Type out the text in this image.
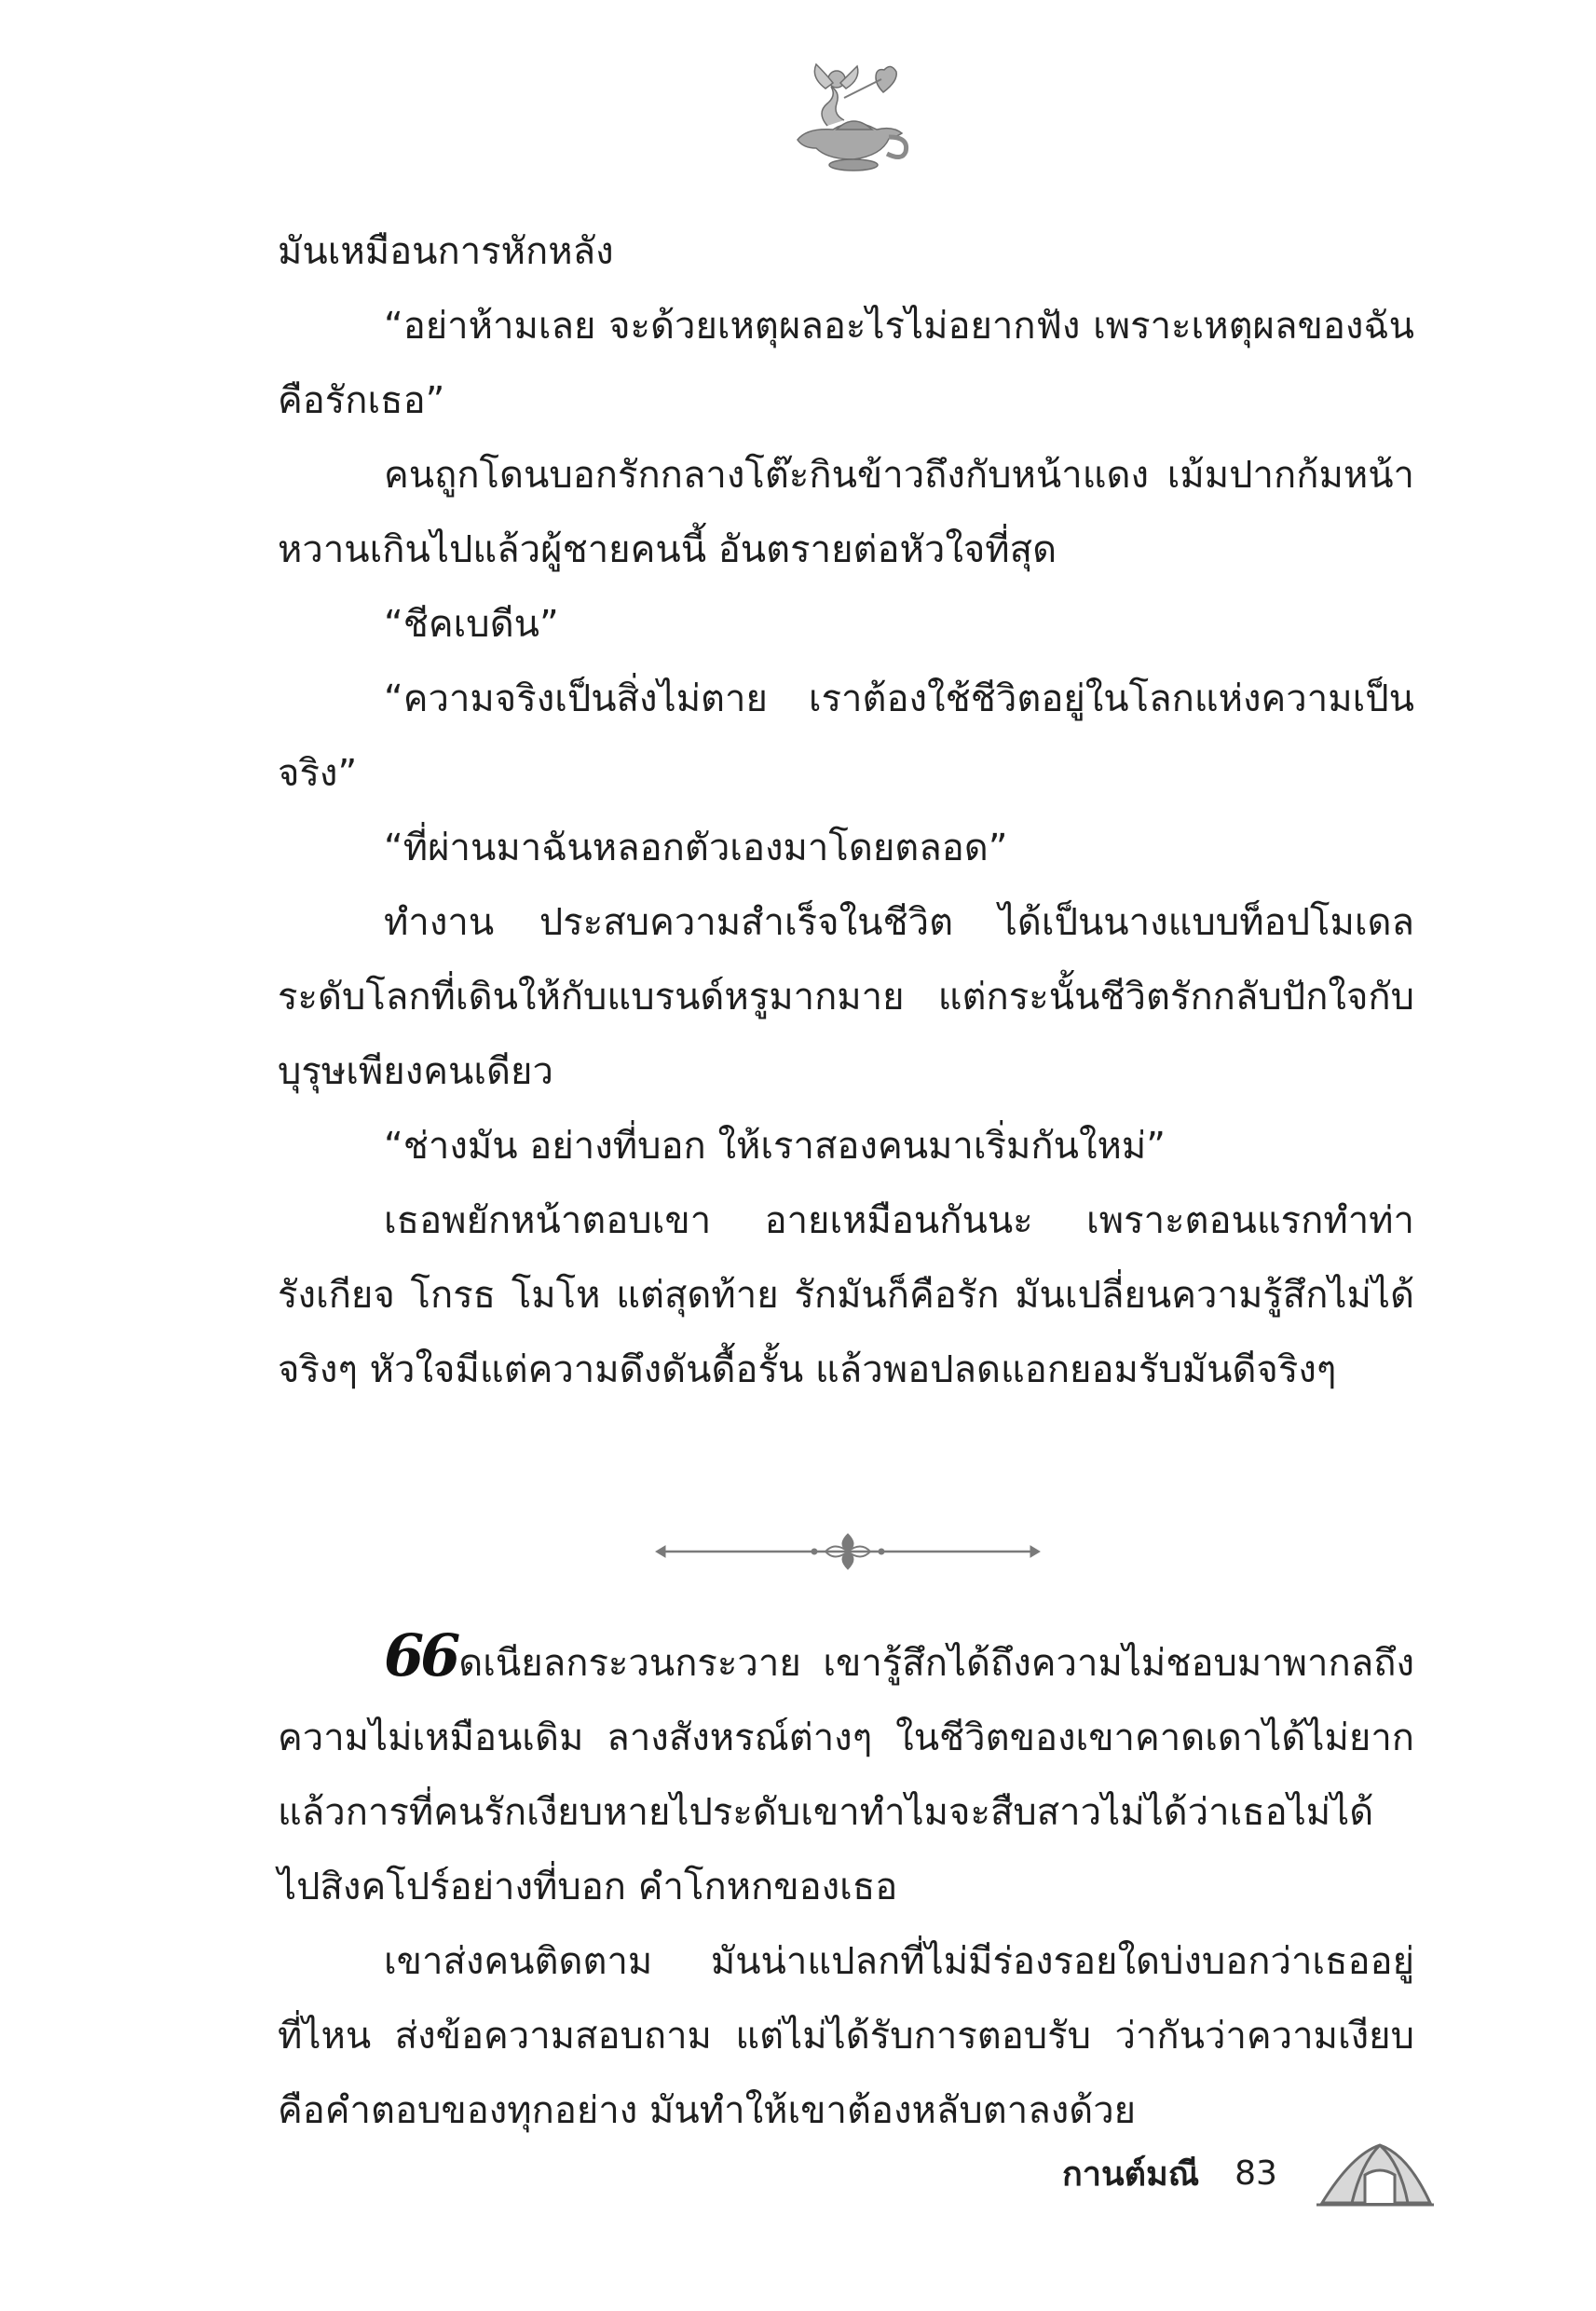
มันเหมือนการหักหลัง

“อย่าห้ามเลย จะด้วยเหตุผลอะไรไม่อยากฟัง เพราะเหตุผลของฉันคือรักเธอ”

คนถูกโดนบอกรักกลางโต๊ะกินข้าวถึงกับหน้าแดง เม้มปากก้มหน้า หวานเกินไปแล้วผู้ชายคนนี้ อันตรายต่อหัวใจที่สุด

“ชีคเบดีน”

“ความจริงเป็นสิ่งไม่ตาย เราต้องใช้ชีวิตอยู่ในโลกแห่งความเป็นจริง”

“ที่ผ่านมาฉันหลอกตัวเองมาโดยตลอด”

ทำงาน ประสบความสำเร็จในชีวิต ได้เป็นนางแบบท็อปโมเดลระดับโลกที่เดินให้กับแบรนด์หรูมากมาย แต่กระนั้นชีวิตรักกลับปักใจกับบุรุษเพียงคนเดียว

“ช่างมัน อย่างที่บอก ให้เราสองคนมาเริ่มกันใหม่”

เธอพยักหน้าตอบเขา อายเหมือนกันนะ เพราะตอนแรกทำท่ารังเกียจ โกรธ โมโห แต่สุดท้าย รักมันก็คือรัก มันเปลี่ยนความรู้สึกไม่ได้จริงๆ หัวใจมีแต่ความดึงดันดื้อรั้น แล้วพอปลดแอกยอมรับมันดีจริงๆ

66ดเนียลกระวนกระวาย เขารู้สึกได้ถึงความไม่ชอบมาพากลถึงความไม่เหมือนเดิม ลางสังหรณ์ต่างๆ ในชีวิตของเขาคาดเดาได้ไม่ยาก แล้วการที่คนรักเงียบหายไประดับเขาทำไมจะสืบสาวไม่ได้ว่าเธอไม่ได้ไปสิงคโปร์อย่างที่บอก คำโกหกของเธอ

เขาส่งคนติดตาม มันน่าแปลกที่ไม่มีร่องรอยใดบ่งบอกว่าเธออยู่ที่ไหน ส่งข้อความสอบถาม แต่ไม่ได้รับการตอบรับ ว่ากันว่าความเงียบคือคำตอบของทุกอย่าง มันทำให้เขาต้องหลับตาลงด้วย

กานต์มณี 83
